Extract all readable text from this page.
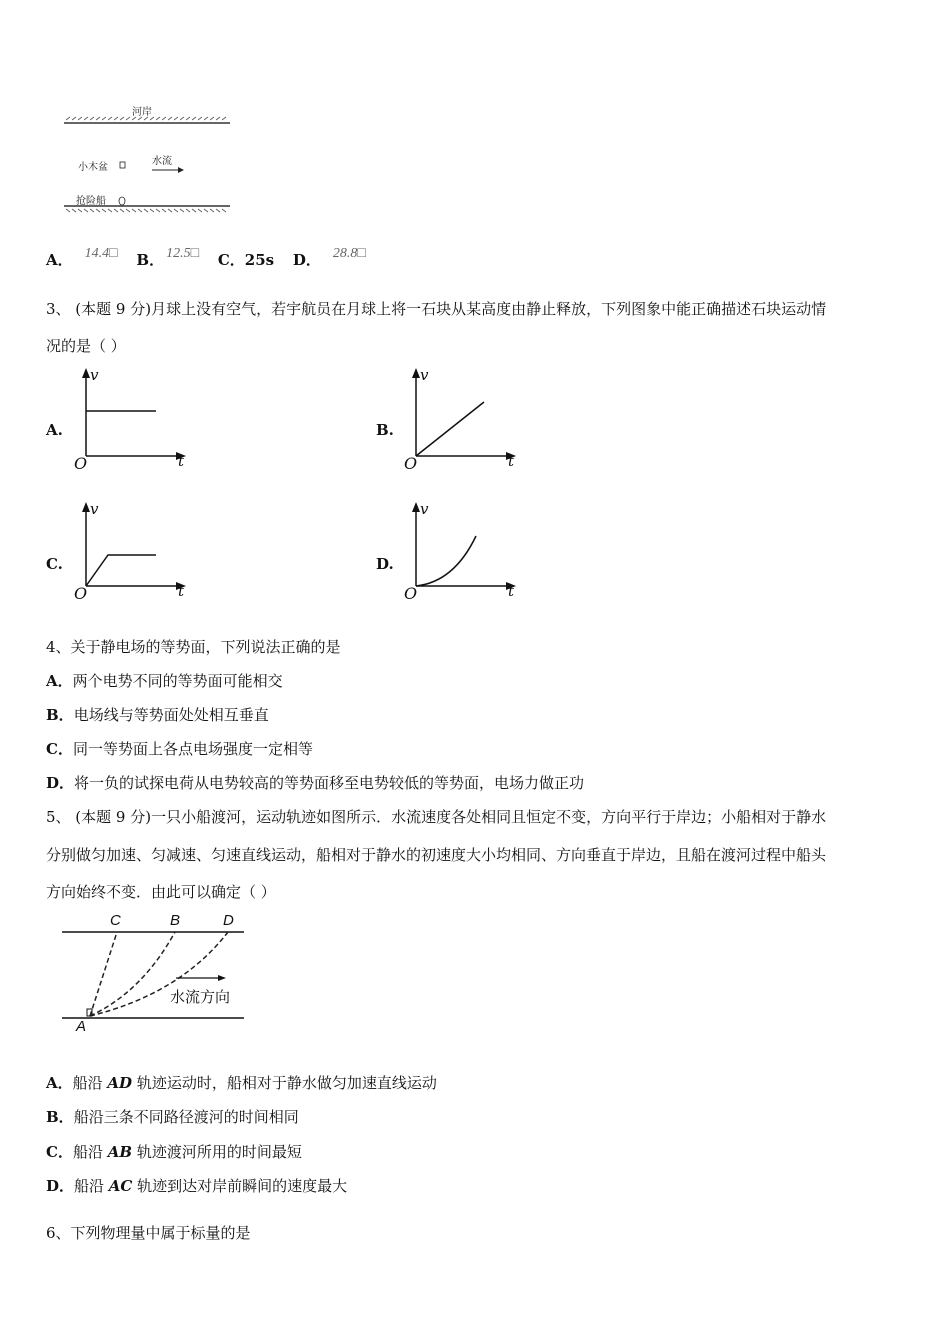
河岸
小木盆
水流
抢险船
A． 14.4□ B． 12.5□ C．25s D． 28.8□
3、 (本题 9 分)月球上没有空气，若宇航员在月球上将一石块从某高度由静止释放，下列图象中能正确描述石块运动情
况的是（ ）
A.	B.
C.	D.
v
O	t
v
O	t
v
O	t
v
O	t
4、关于静电场的等势面，下列说法正确的是
A．两个电势不同的等势面可能相交
B．电场线与等势面处处相互垂直
C．同一等势面上各点电场强度一定相等
D．将一负的试探电荷从电势较高的等势面移至电势较低的等势面，电场力做正功
5、 (本题 9 分)一只小船渡河，运动轨迹如图所示．水流速度各处相同且恒定不变，方向平行于岸边；小船相对于静水
分别做匀加速、匀减速、匀速直线运动，船相对于静水的初速度大小均相同、方向垂直于岸边，且船在渡河过程中船头
方向始终不变．由此可以确定（ ）
C	B	D
A
水流方向
A．船沿 AD 轨迹运动时，船相对于静水做匀加速直线运动
B．船沿三条不同路径渡河的时间相同
C．船沿 AB 轨迹渡河所用的时间最短
D．船沿 AC 轨迹到达对岸前瞬间的速度最大
6、下列物理量中属于标量的是
